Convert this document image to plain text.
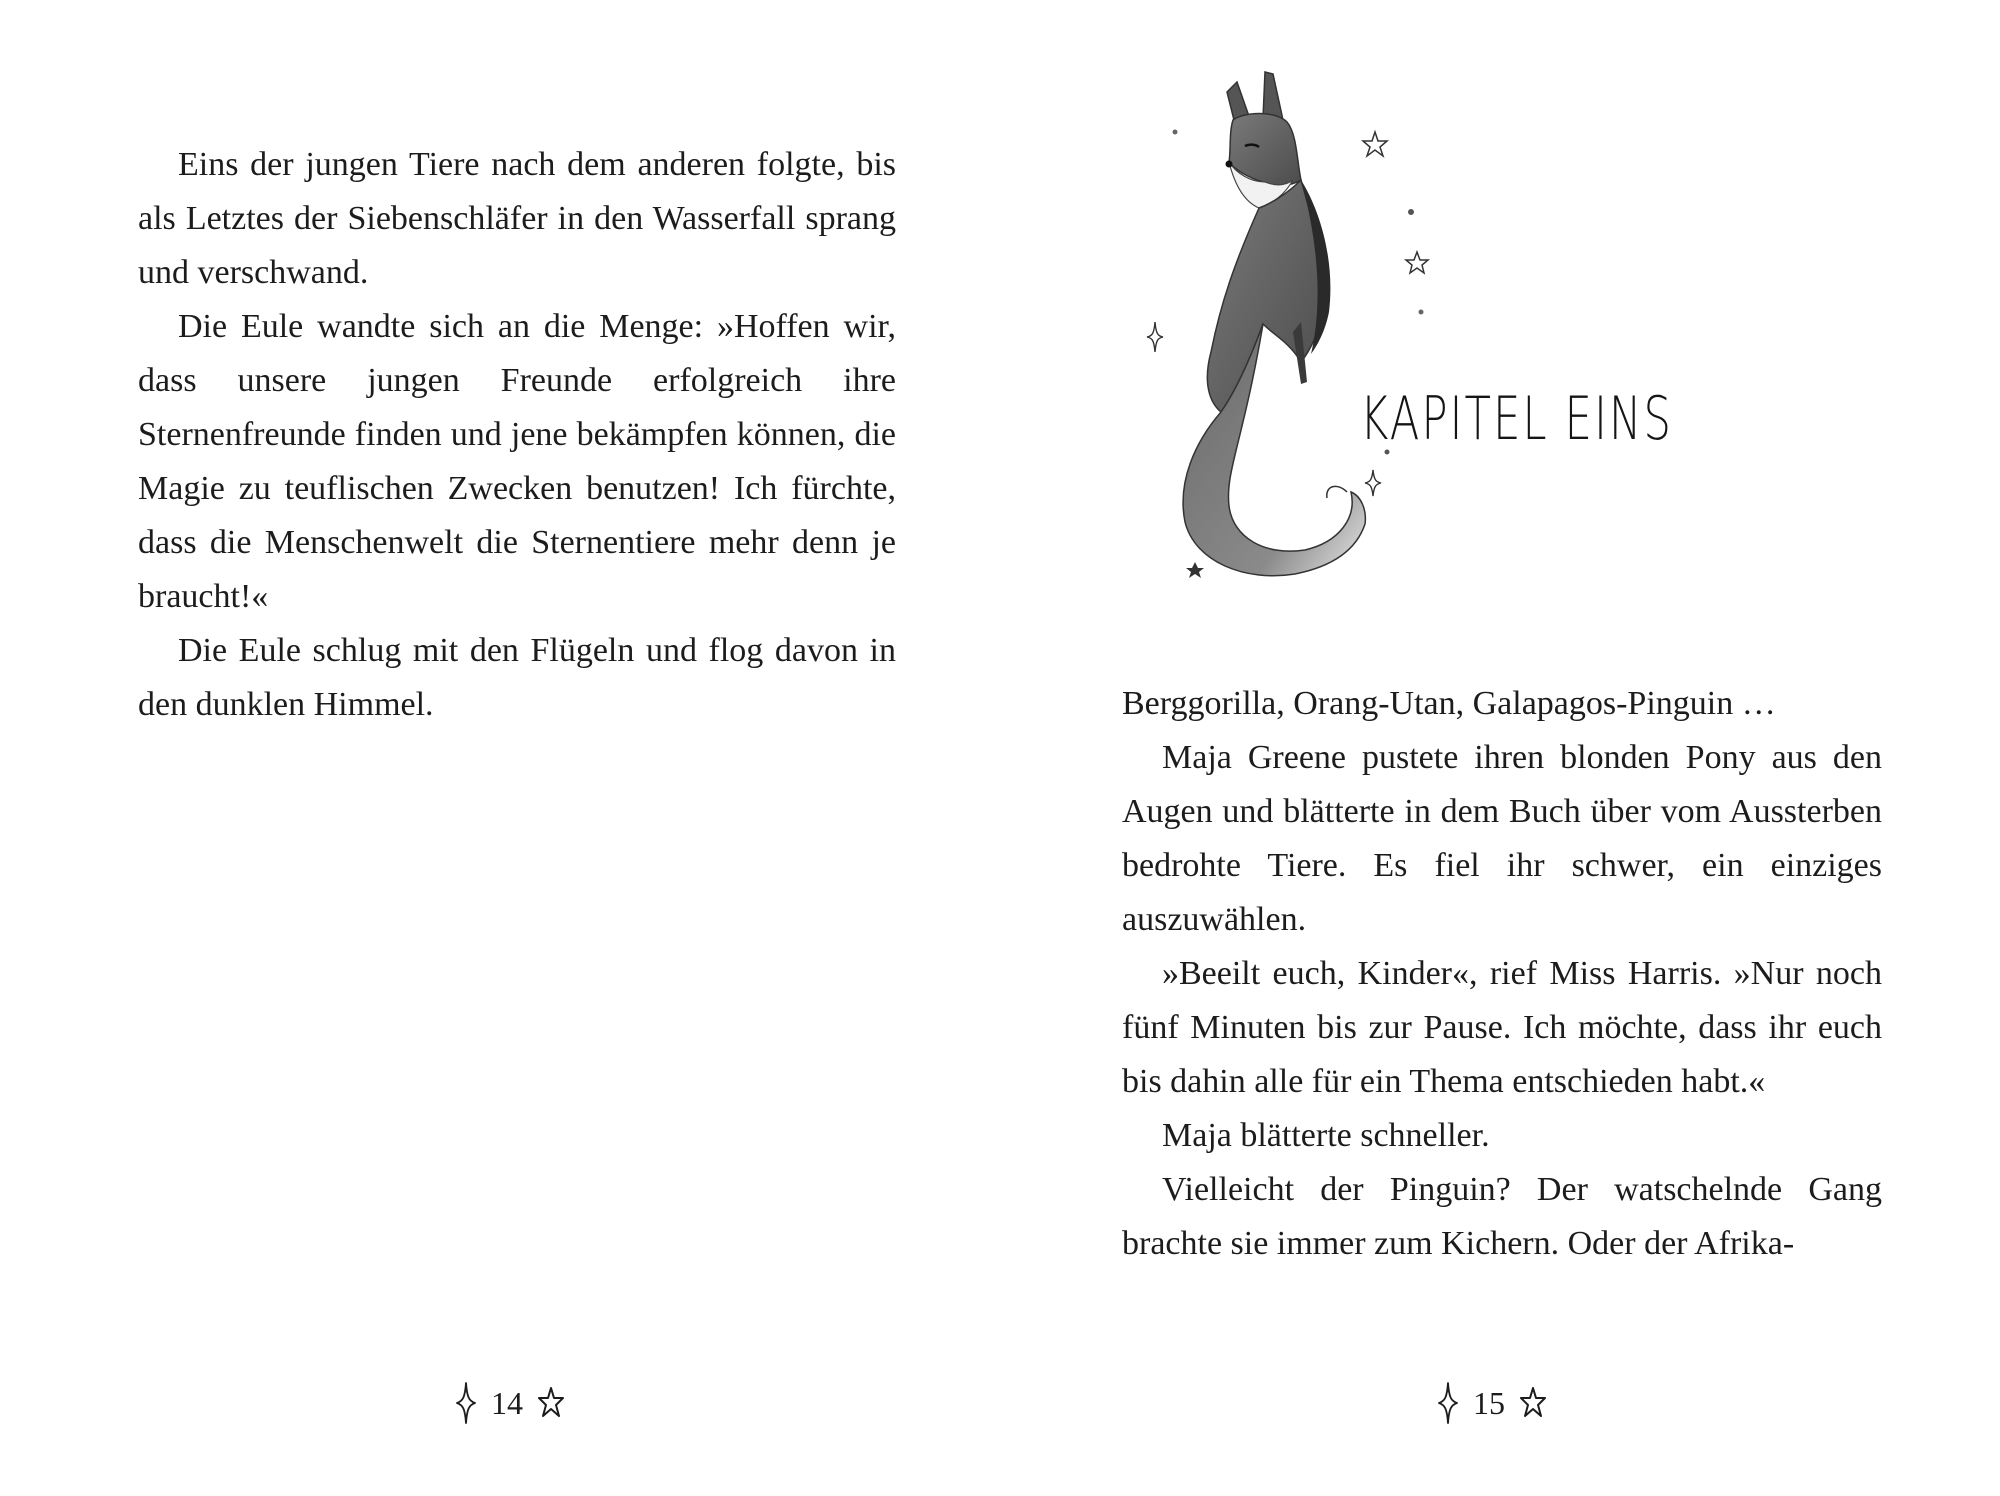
Eins der jungen Tiere nach dem anderen folgte, bis als Letztes der Siebenschläfer in den Wasserfall sprang und verschwand.

Die Eule wandte sich an die Menge: »Hoffen wir, dass unsere jungen Freunde erfolgreich ihre Sternenfreunde finden und jene bekämpfen können, die Magie zu teuflischen Zwecken benutzen! Ich fürchte, dass die Menschenwelt die Sternentiere mehr denn je braucht!«

Die Eule schlug mit den Flügeln und flog davon in den dunklen Himmel.

14
KAPITEL EINS

Berggorilla, Orang-Utan, Galapagos-Pinguin …

Maja Greene pustete ihren blonden Pony aus den Augen und blätterte in dem Buch über vom Aussterben bedrohte Tiere. Es fiel ihr schwer, ein einziges auszuwählen.

»Beeilt euch, Kinder«, rief Miss Harris. »Nur noch fünf Minuten bis zur Pause. Ich möchte, dass ihr euch bis dahin alle für ein Thema entschieden habt.«

Maja blätterte schneller.

Vielleicht der Pinguin? Der watschelnde Gang brachte sie immer zum Kichern. Oder der Afrika-

15
